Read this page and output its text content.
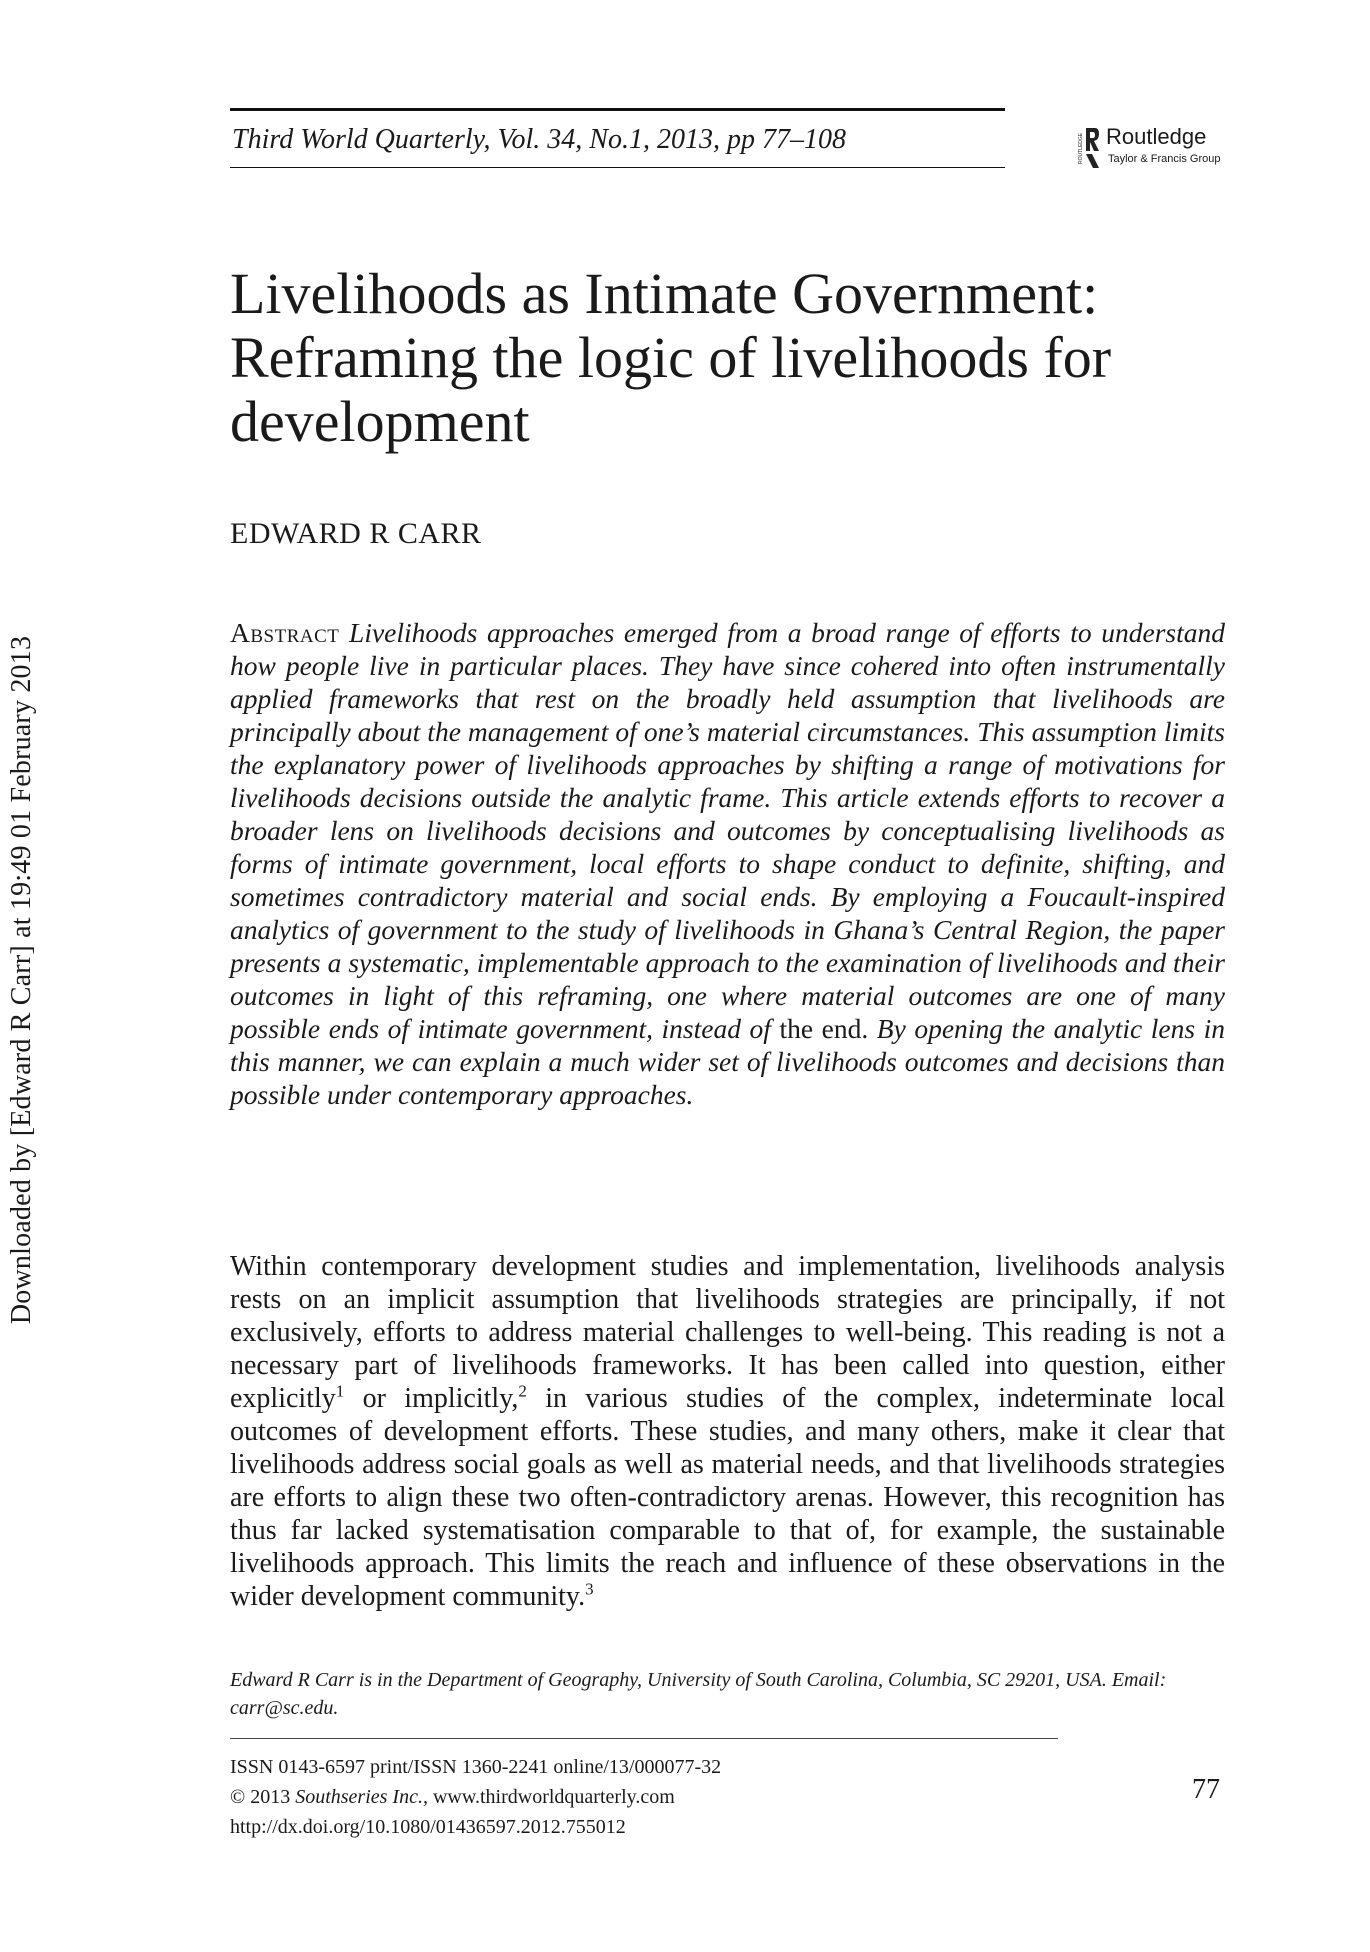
Downloaded by [Edward R Carr] at 19:49 01 February 2013
Third World Quarterly, Vol. 34, No.1, 2013, pp 77–108	ROUTLEDGE Routledge
Taylor & Francis Group
Livelihoods as Intimate Government: Reframing the logic of livelihoods for development
EDWARD R CARR

Abstract Livelihoods approaches emerged from a broad range of efforts to understand how people live in particular places. They have since cohered into often instrumentally applied frameworks that rest on the broadly held assumption that livelihoods are principally about the management of one’s material circumstances. This assumption limits the explanatory power of livelihoods approaches by shifting a range of motivations for livelihoods decisions outside the analytic frame. This article extends efforts to recover a broader lens on livelihoods decisions and outcomes by conceptualising livelihoods as forms of intimate government, local efforts to shape conduct to definite, shifting, and sometimes contradictory material and social ends. By employing a Foucault-inspired analytics of government to the study of livelihoods in Ghana’s Central Region, the paper presents a systematic, implementable approach to the examination of livelihoods and their outcomes in light of this reframing, one where material outcomes are one of many possible ends of intimate government, instead of the end. By opening the analytic lens in this manner, we can explain a much wider set of livelihoods outcomes and decisions than possible under contemporary approaches.

Within contemporary development studies and implementation, livelihoods analysis rests on an implicit assumption that livelihoods strategies are principally, if not exclusively, efforts to address material challenges to well-being. This reading is not a necessary part of livelihoods frameworks. It has been called into question, either explicitly$^1$ or implicitly,$^2$ in various studies of the complex, indeterminate local outcomes of development efforts. These studies, and many others, make it clear that livelihoods address social goals as well as material needs, and that livelihoods strategies are efforts to align these two often-contradictory arenas. However, this recognition has thus far lacked systematisation comparable to that of, for example, the sustainable livelihoods approach. This limits the reach and influence of these observations in the wider development community.$^3$

Edward R Carr is in the Department of Geography, University of South Carolina, Columbia, SC 29201, USA. Email: carr@sc.edu.

ISSN 0143-6597 print/ISSN 1360-2241 online/13/000077-32
© 2013 Southseries Inc., www.thirdworldquarterly.com
http://dx.doi.org/10.1080/01436597.2012.755012
77
